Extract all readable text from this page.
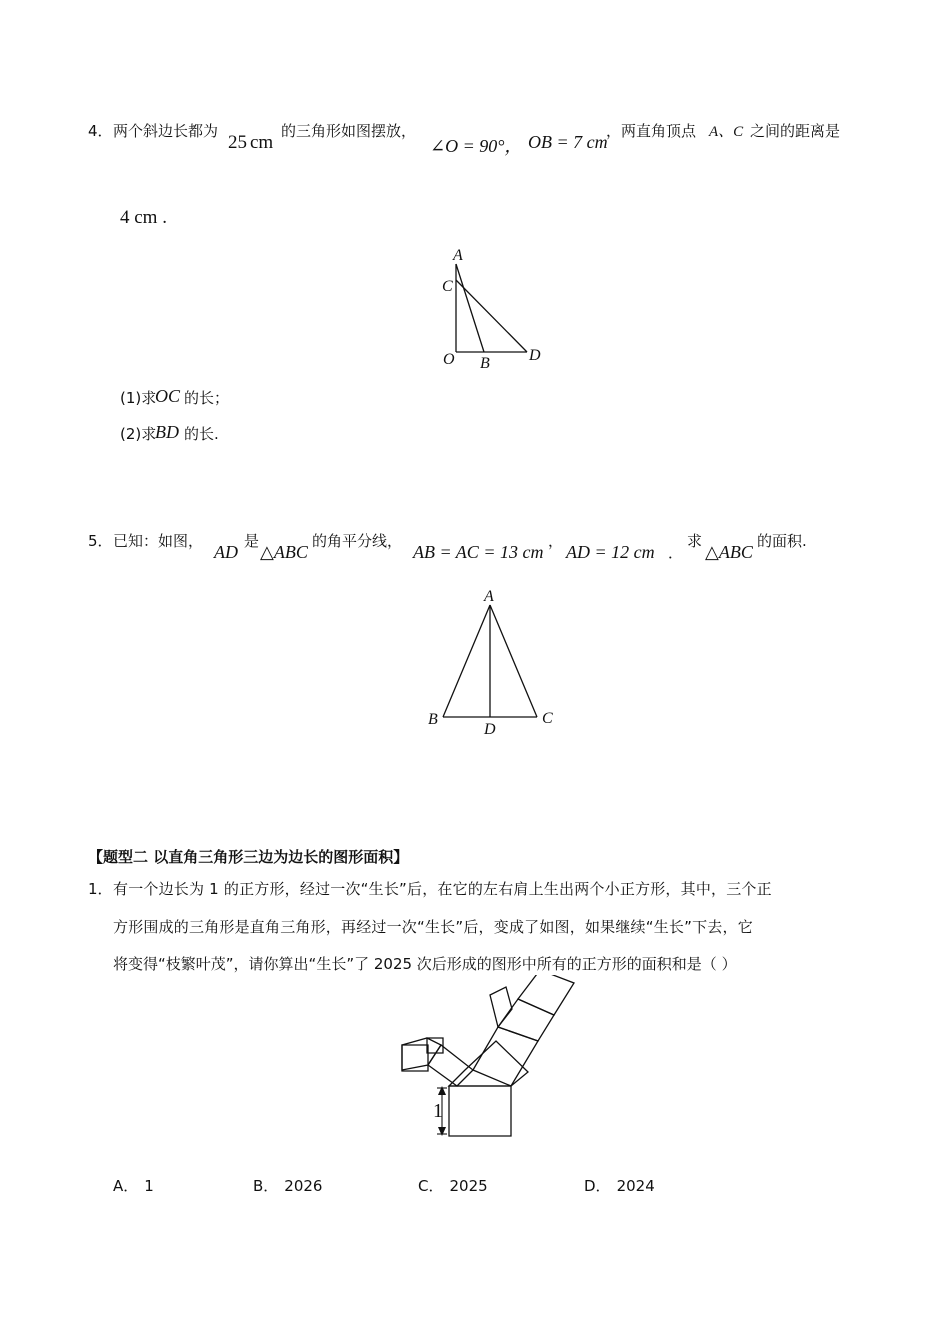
4． 两个斜边长都为
25 cm
的三角形如图摆放，
∠O = 90°， OB = 7 cm
，两直角顶点 A、C 之间的距离是
4 cm .
A
C
O B D
(1)求
OC 的长；
(2)求
BD 的长.
5． 已知：如图，
AD
是
△ABC
的角平分线，
AB = AC = 13 cm
，
AD = 12 cm ．
求
△ABC
的面积.
A
B	C
D
【题型二 以直角三角形三边为边长的图形面积】
1． 有一个边长为 1 的正方形，经过一次“生长”后，在它的左右肩上生出两个小正方形，其中，三个正
方形围成的三角形是直角三角形，再经过一次“生长”后，变成了如图，如果继续“生长”下去，它
将变得“枝繁叶茂”，请你算出“生长”了 2025 次后形成的图形中所有的正方形的面积和是（ ）
1
A． 1	B． 2026	C． 2025	D． 2024
